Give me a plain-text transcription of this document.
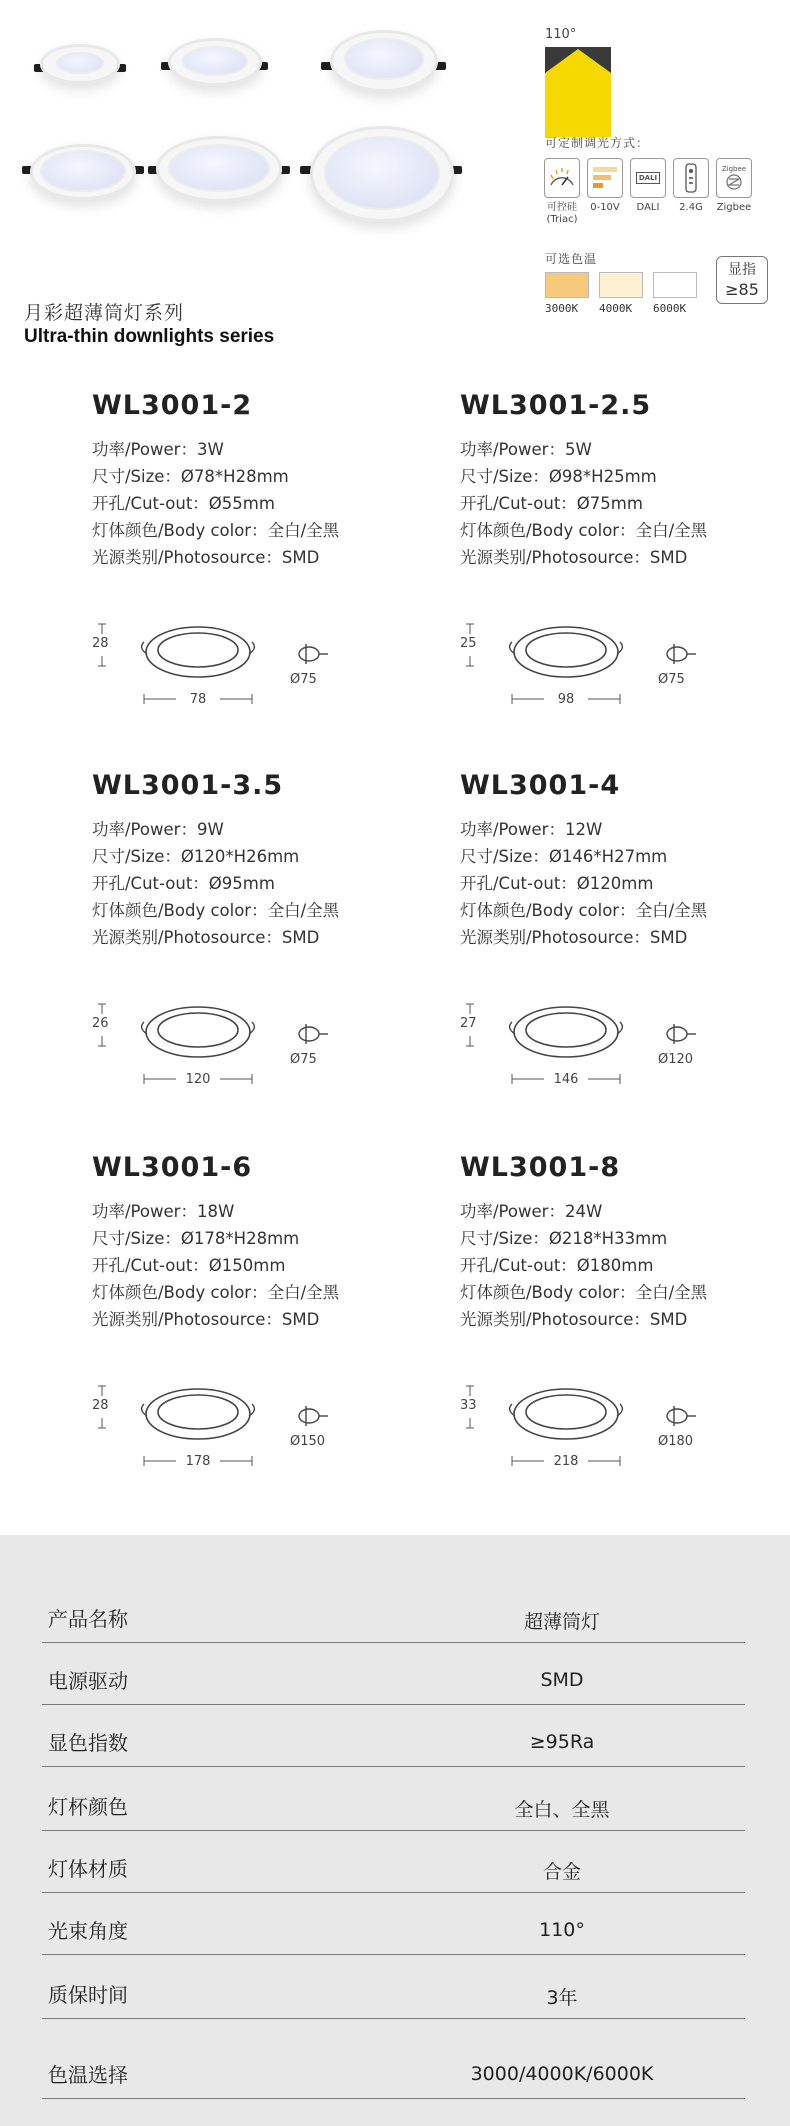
月彩超薄筒灯系列
Ultra-thin downlights series
110°
可定制调光方式：
可控硅
(Triac)
0-10V
DALI
DALI	2.4G
Zigbee
Zigbee
可选色温
3000K	4000K	6000K
显指
≥85
WL3001-2
功率/Power：3W
尺寸/Size：Ø78*H28mm
开孔/Cut-out：Ø55mm
灯体颜色/Body color：全白/全黑
光源类别/Photosource：SMD
28
78
Ø75
WL3001-2.5
功率/Power：5W
尺寸/Size：Ø98*H25mm
开孔/Cut-out：Ø75mm
灯体颜色/Body color：全白/全黑
光源类别/Photosource：SMD
25
98
Ø75
WL3001-3.5
功率/Power：9W
尺寸/Size：Ø120*H26mm
开孔/Cut-out：Ø95mm
灯体颜色/Body color：全白/全黑
光源类别/Photosource：SMD
26
120
Ø75
WL3001-4
功率/Power：12W
尺寸/Size：Ø146*H27mm
开孔/Cut-out：Ø120mm
灯体颜色/Body color：全白/全黑
光源类别/Photosource：SMD
27
146
Ø120
WL3001-6
功率/Power：18W
尺寸/Size：Ø178*H28mm
开孔/Cut-out：Ø150mm
灯体颜色/Body color：全白/全黑
光源类别/Photosource：SMD
28
178
Ø150
WL3001-8
功率/Power：24W
尺寸/Size：Ø218*H33mm
开孔/Cut-out：Ø180mm
灯体颜色/Body color：全白/全黑
光源类别/Photosource：SMD
33
218
Ø180
产品名称	超薄筒灯
电源驱动	SMD
显色指数	≥95Ra
灯杯颜色	全白、全黑
灯体材质	合金
光束角度	110°
质保时间	3年
色温选择	3000/4000K/6000K
